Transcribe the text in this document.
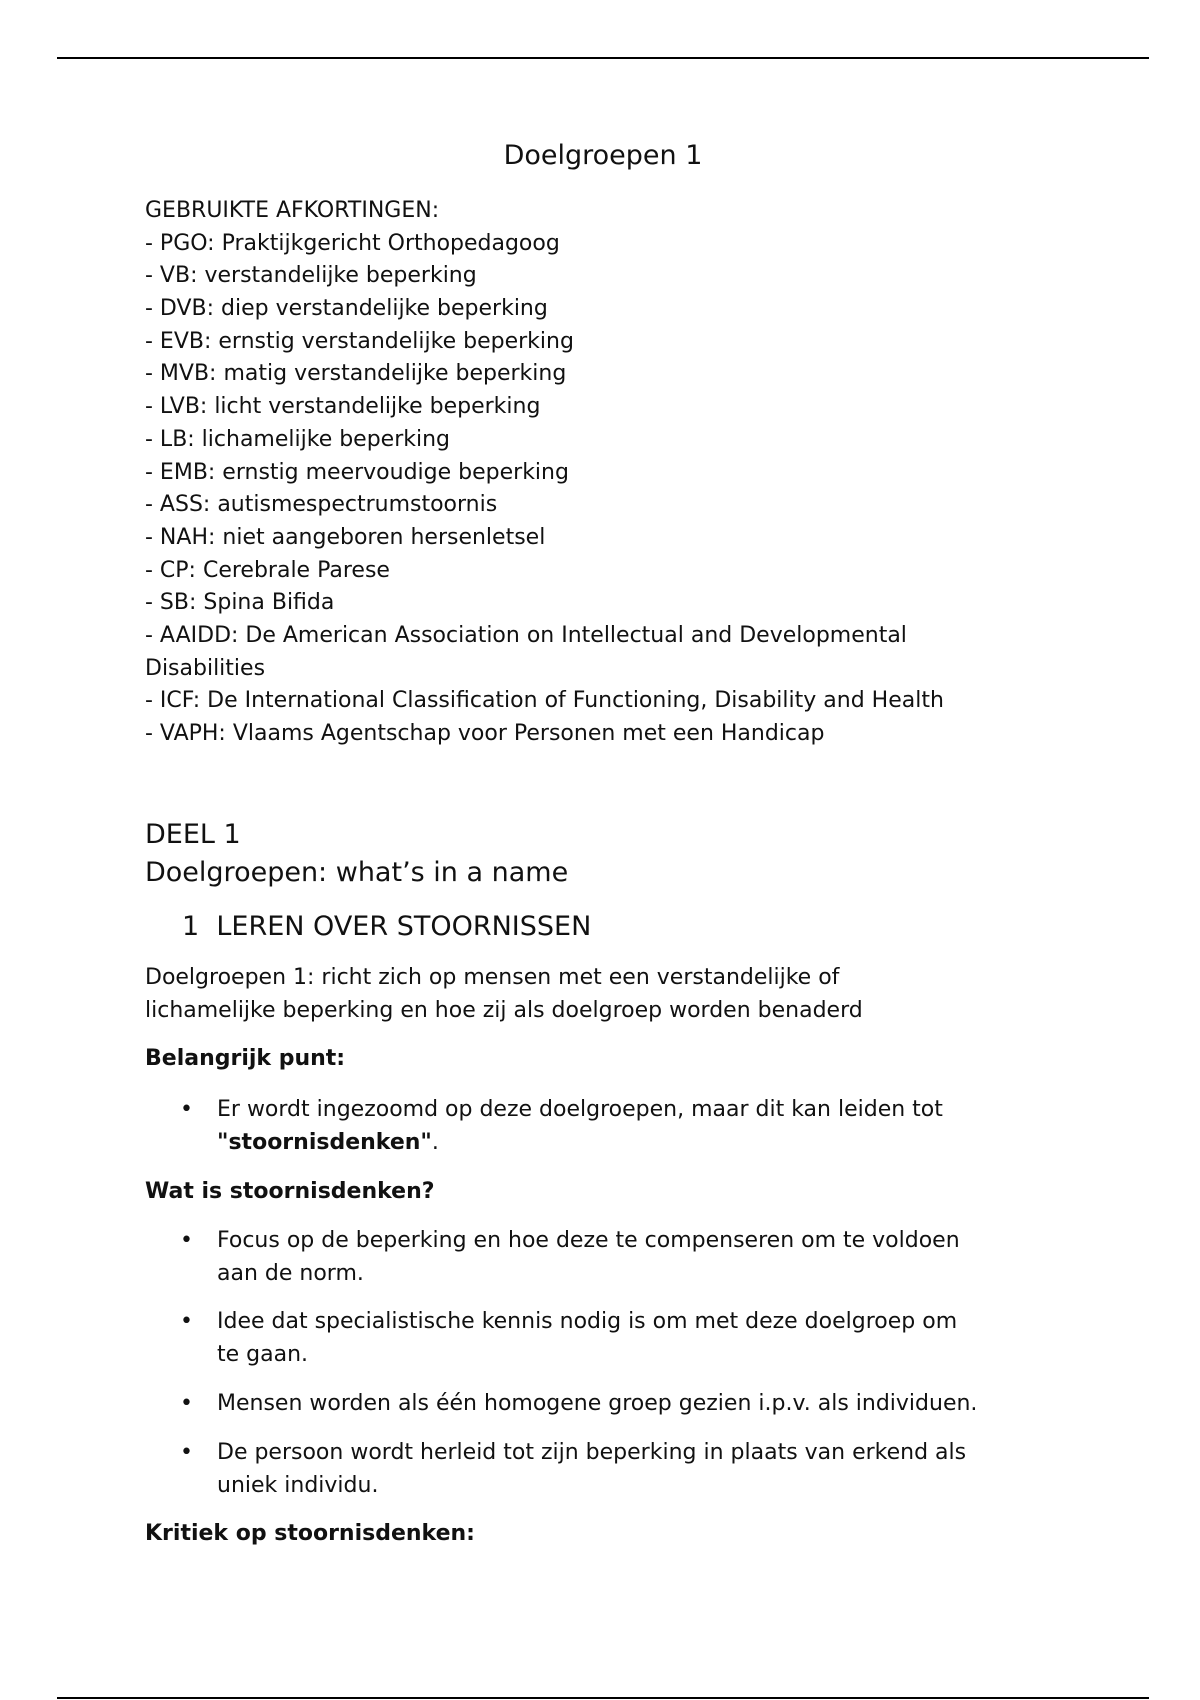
Doelgroepen 1
GEBRUIKTE AFKORTINGEN:
- PGO: Praktijkgericht Orthopedagoog
- VB: verstandelijke beperking
- DVB: diep verstandelijke beperking
- EVB: ernstig verstandelijke beperking
- MVB: matig verstandelijke beperking
- LVB: licht verstandelijke beperking
- LB: lichamelijke beperking
- EMB: ernstig meervoudige beperking
- ASS: autismespectrumstoornis
- NAH: niet aangeboren hersenletsel
- CP: Cerebrale Parese
- SB: Spina Bifida
- AAIDD: De American Association on Intellectual and Developmental
Disabilities
- ICF: De International Classification of Functioning, Disability and Health
- VAPH: Vlaams Agentschap voor Personen met een Handicap
DEEL 1
Doelgroepen: what’s in a name
1 LEREN OVER STOORNISSEN
Doelgroepen 1: richt zich op mensen met een verstandelijke of
lichamelijke beperking en hoe zij als doelgroep worden benaderd
Belangrijk punt:
• Er wordt ingezoomd op deze doelgroepen, maar dit kan leiden tot
"stoornisdenken".
Wat is stoornisdenken?
• Focus op de beperking en hoe deze te compenseren om te voldoen
aan de norm.
• Idee dat specialistische kennis nodig is om met deze doelgroep om
te gaan.
• Mensen worden als één homogene groep gezien i.p.v. als individuen.
• De persoon wordt herleid tot zijn beperking in plaats van erkend als
uniek individu.
Kritiek op stoornisdenken:
